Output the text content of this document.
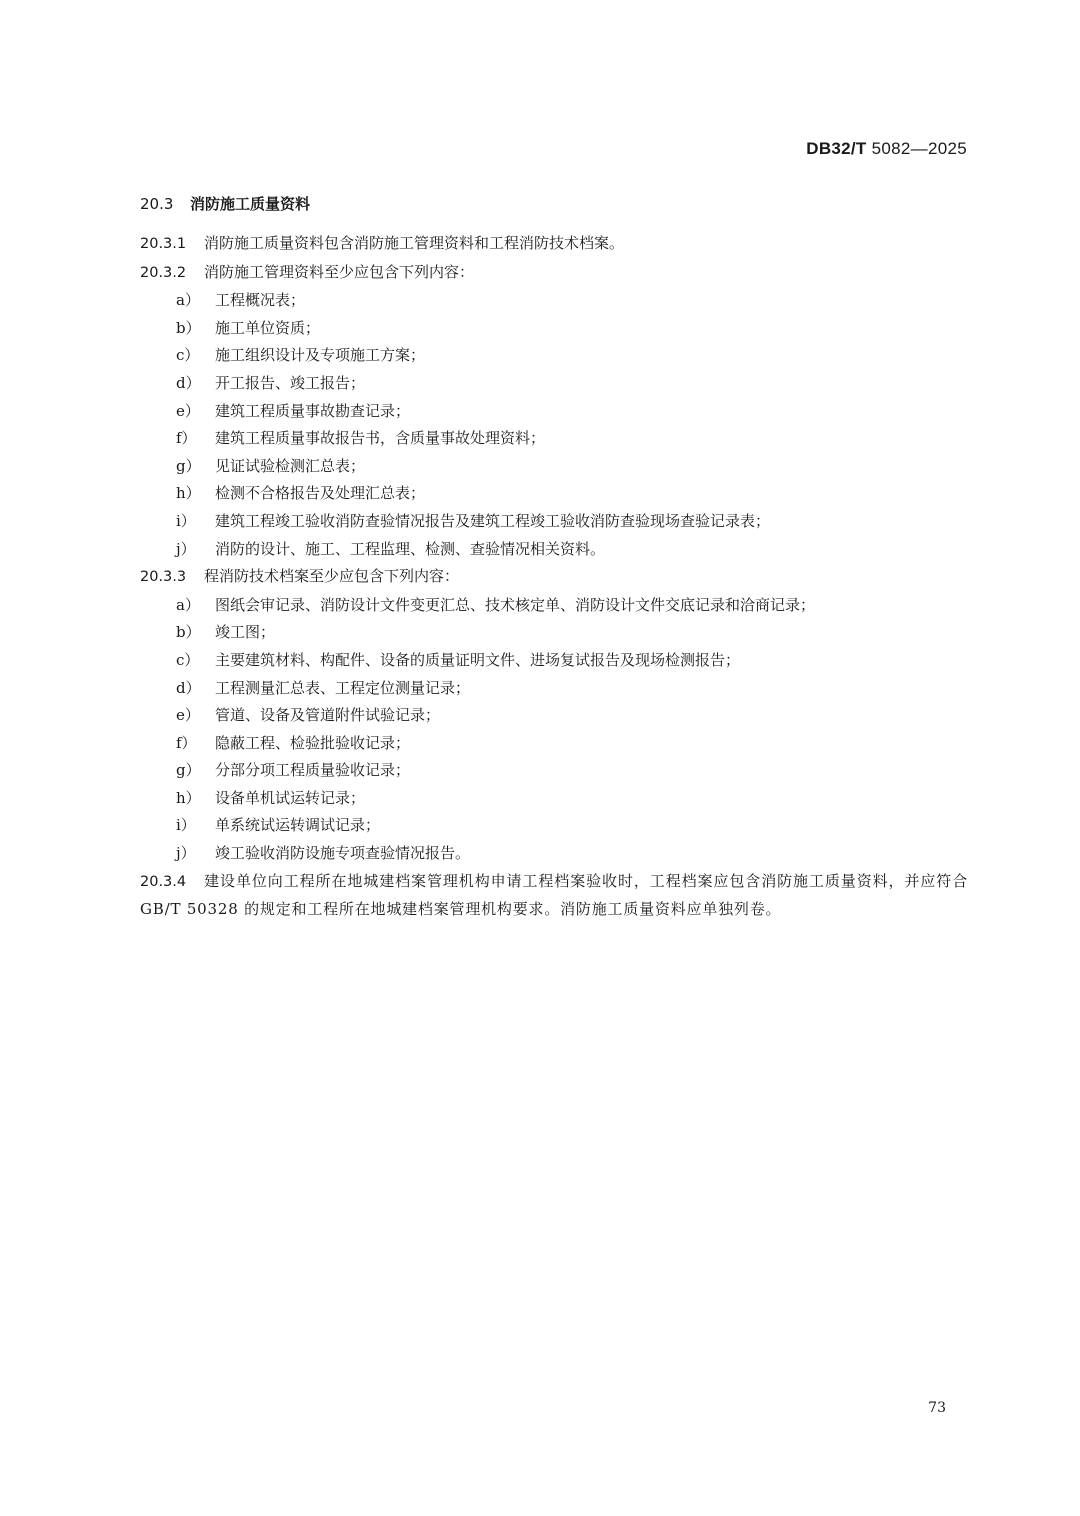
DB32/T 5082—2025
20.3 消防施工质量资料
20.3.1 消防施工质量资料包含消防施工管理资料和工程消防技术档案。
20.3.2 消防施工管理资料至少应包含下列内容：
a） 工程概况表；
b） 施工单位资质；
c） 施工组织设计及专项施工方案；
d） 开工报告、竣工报告；
e） 建筑工程质量事故勘查记录；
f） 建筑工程质量事故报告书，含质量事故处理资料；
g） 见证试验检测汇总表；
h） 检测不合格报告及处理汇总表；
i） 建筑工程竣工验收消防查验情况报告及建筑工程竣工验收消防查验现场查验记录表；
j） 消防的设计、施工、工程监理、检测、查验情况相关资料。
20.3.3 程消防技术档案至少应包含下列内容：
a） 图纸会审记录、消防设计文件变更汇总、技术核定单、消防设计文件交底记录和洽商记录；
b） 竣工图；
c） 主要建筑材料、构配件、设备的质量证明文件、进场复试报告及现场检测报告；
d） 工程测量汇总表、工程定位测量记录；
e） 管道、设备及管道附件试验记录；
f） 隐蔽工程、检验批验收记录；
g） 分部分项工程质量验收记录；
h） 设备单机试运转记录；
i） 单系统试运转调试记录；
j） 竣工验收消防设施专项查验情况报告。
20.3.4 建设单位向工程所在地城建档案管理机构申请工程档案验收时，工程档案应包含消防施工质量资料，并应符合 GB/T 50328 的规定和工程所在地城建档案管理机构要求。消防施工质量资料应单独列卷。
73
